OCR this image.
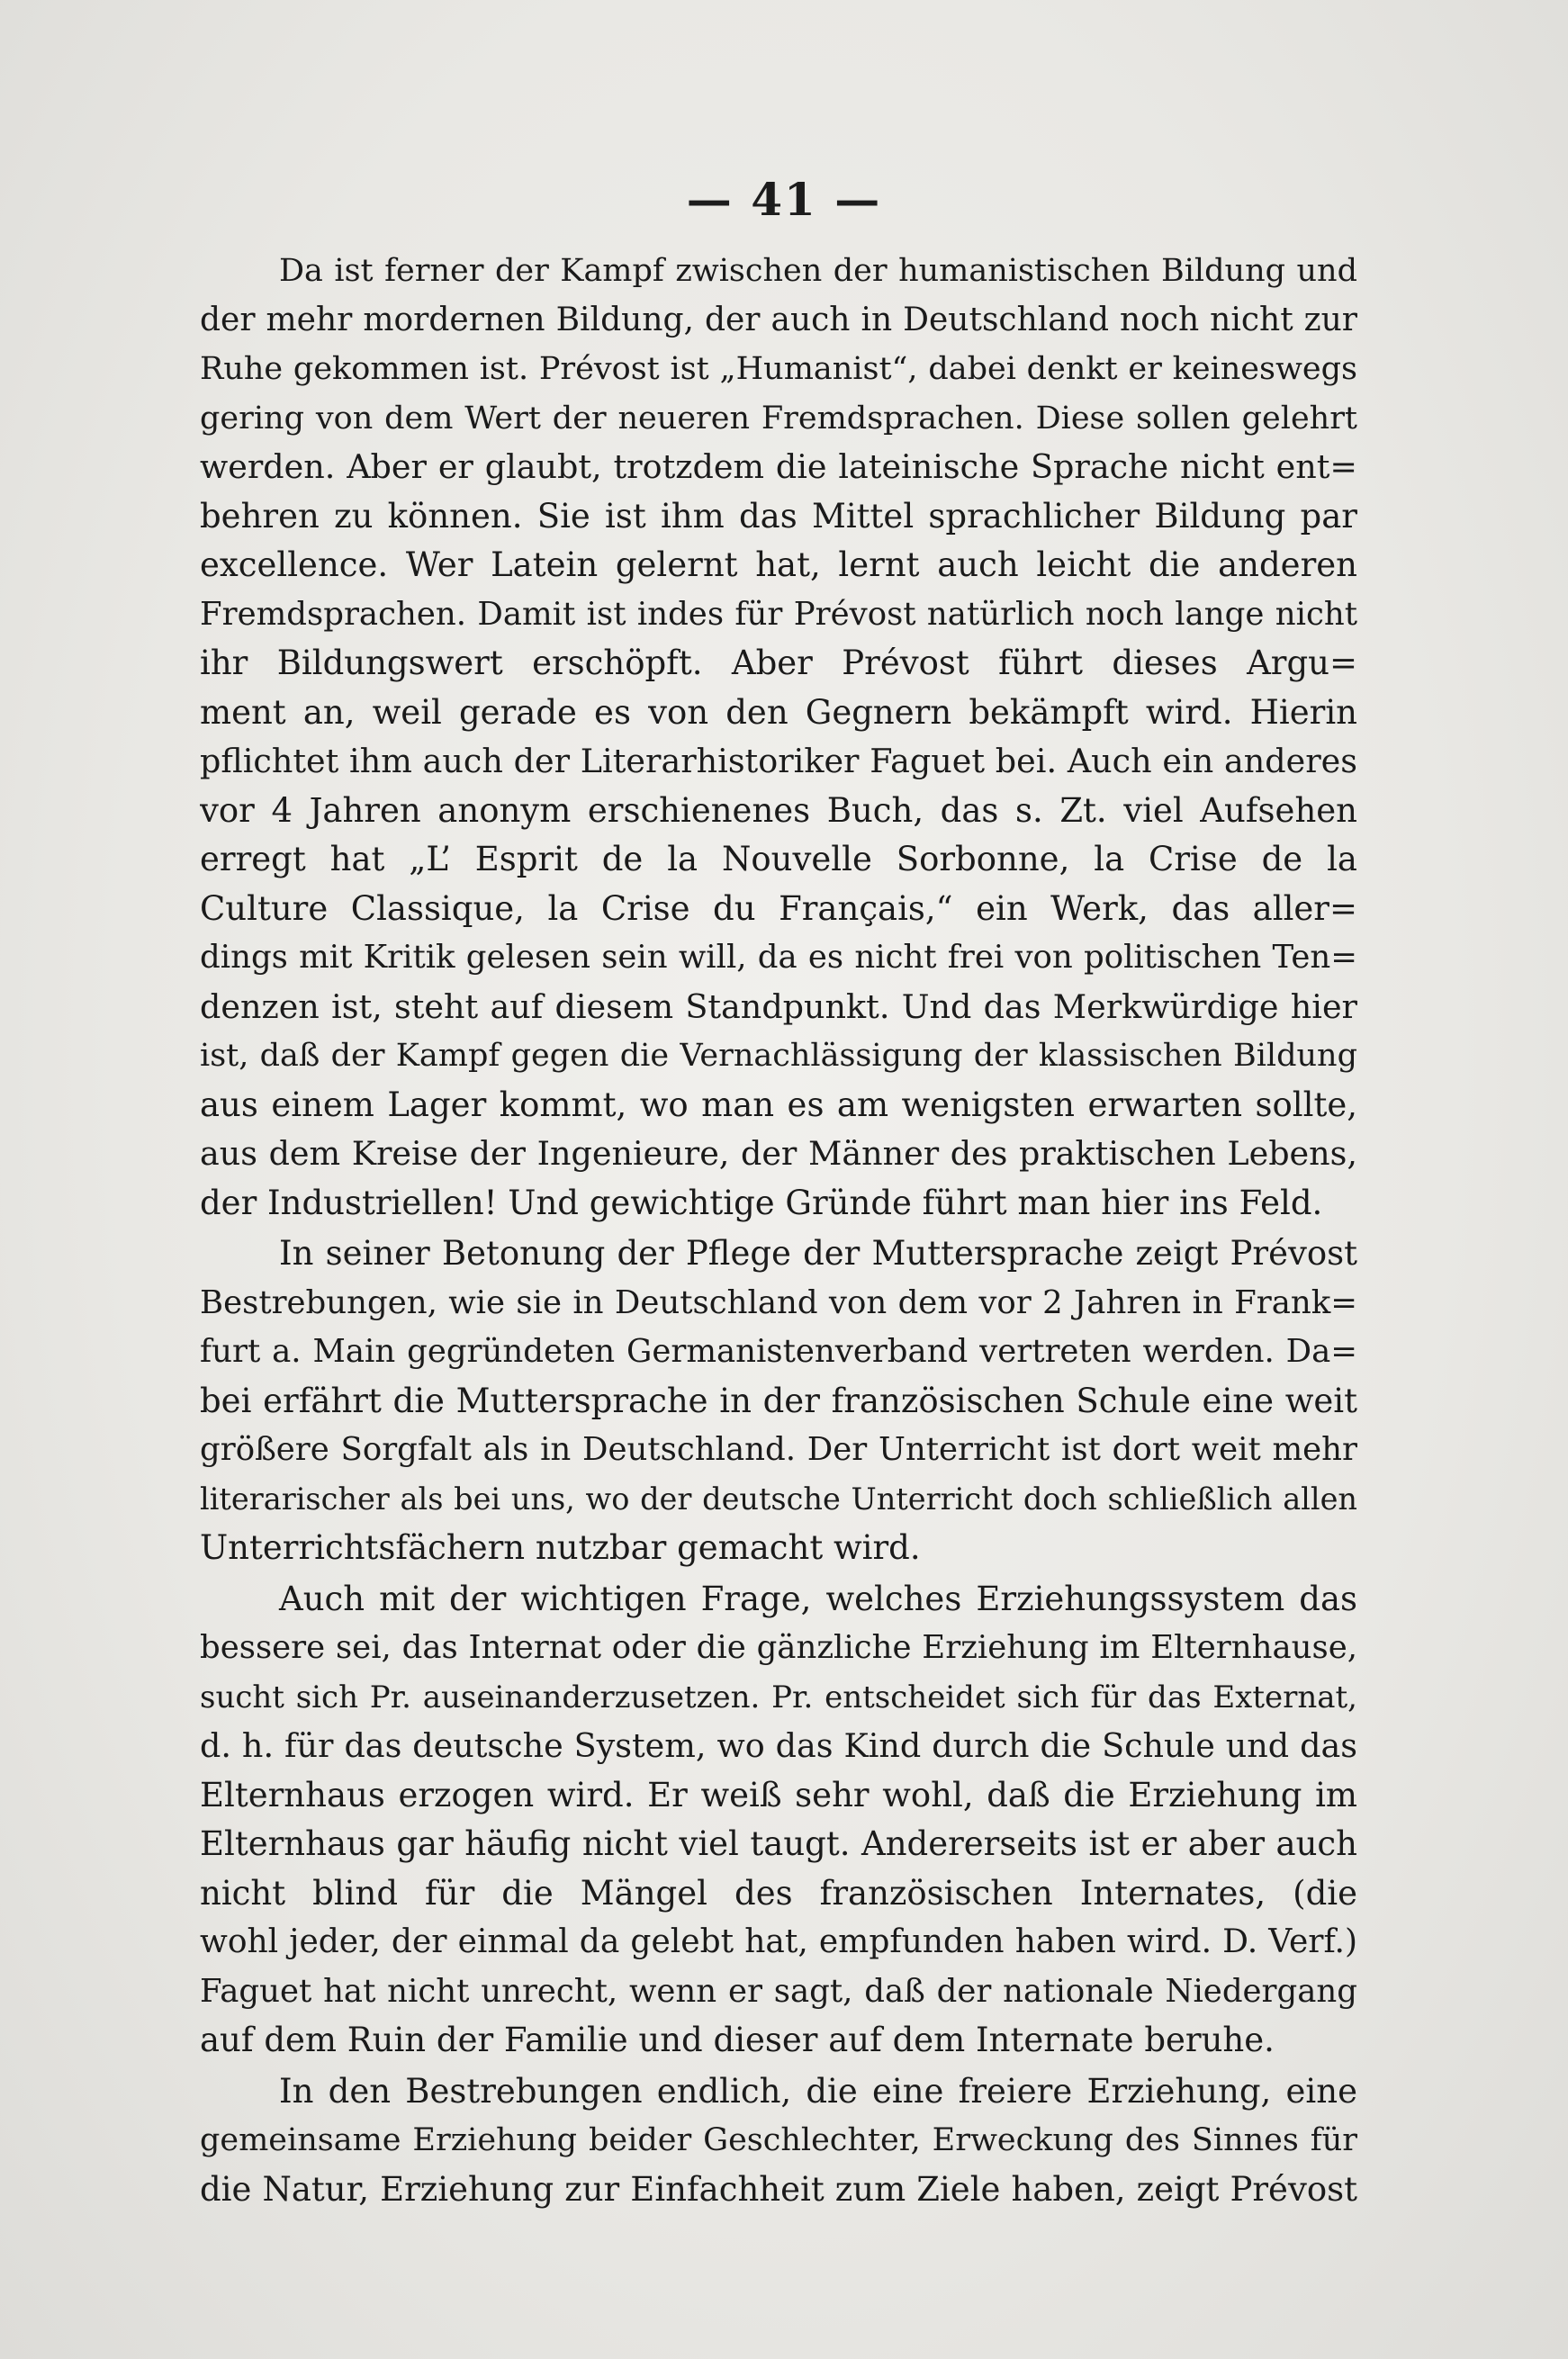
— 41 —
Da ist ferner der Kampf zwischen der humanistischen Bildung und
der mehr mordernen Bildung, der auch in Deutschland noch nicht zur
Ruhe gekommen ist. Prévost ist „Humanist“, dabei denkt er keineswegs
gering von dem Wert der neueren Fremdsprachen. Diese sollen gelehrt
werden. Aber er glaubt, trotzdem die lateinische Sprache nicht ent=
behren zu können. Sie ist ihm das Mittel sprachlicher Bildung par
excellence. Wer Latein gelernt hat, lernt auch leicht die anderen
Fremdsprachen. Damit ist indes für Prévost natürlich noch lange nicht
ihr Bildungswert erschöpft. Aber Prévost führt dieses Argu=
ment an, weil gerade es von den Gegnern bekämpft wird. Hierin
pflichtet ihm auch der Literarhistoriker Faguet bei. Auch ein anderes
vor 4 Jahren anonym erschienenes Buch, das s. Zt. viel Aufsehen
erregt hat „L’ Esprit de la Nouvelle Sorbonne, la Crise de la
Culture Classique, la Crise du Français,“ ein Werk, das aller=
dings mit Kritik gelesen sein will, da es nicht frei von politischen Ten=
denzen ist, steht auf diesem Standpunkt. Und das Merkwürdige hier
ist, daß der Kampf gegen die Vernachlässigung der klassischen Bildung
aus einem Lager kommt, wo man es am wenigsten erwarten sollte,
aus dem Kreise der Ingenieure, der Männer des praktischen Lebens,
der Industriellen! Und gewichtige Gründe führt man hier ins Feld.
In seiner Betonung der Pflege der Muttersprache zeigt Prévost
Bestrebungen, wie sie in Deutschland von dem vor 2 Jahren in Frank=
furt a. Main gegründeten Germanistenverband vertreten werden. Da=
bei erfährt die Muttersprache in der französischen Schule eine weit
größere Sorgfalt als in Deutschland. Der Unterricht ist dort weit mehr
literarischer als bei uns, wo der deutsche Unterricht doch schließlich allen
Unterrichtsfächern nutzbar gemacht wird.
Auch mit der wichtigen Frage, welches Erziehungssystem das
bessere sei, das Internat oder die gänzliche Erziehung im Elternhause,
sucht sich Pr. auseinanderzusetzen. Pr. entscheidet sich für das Externat,
d. h. für das deutsche System, wo das Kind durch die Schule und das
Elternhaus erzogen wird. Er weiß sehr wohl, daß die Erziehung im
Elternhaus gar häufig nicht viel taugt. Andererseits ist er aber auch
nicht blind für die Mängel des französischen Internates, (die
wohl jeder, der einmal da gelebt hat, empfunden haben wird. D. Verf.)
Faguet hat nicht unrecht, wenn er sagt, daß der nationale Niedergang
auf dem Ruin der Familie und dieser auf dem Internate beruhe.
In den Bestrebungen endlich, die eine freiere Erziehung, eine
gemeinsame Erziehung beider Geschlechter, Erweckung des Sinnes für
die Natur, Erziehung zur Einfachheit zum Ziele haben, zeigt Prévost
